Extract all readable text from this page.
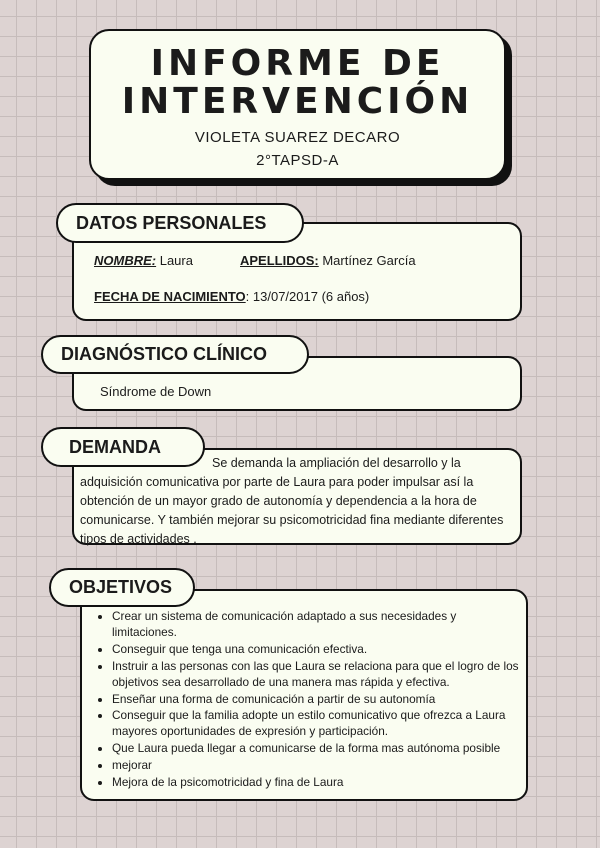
INFORME DE
INTERVENCIÓN
VIOLETA SUAREZ DECARO
2°TAPSD-A
DATOS PERSONALES
NOMBRE: Laura	APELLIDOS: Martínez García
FECHA DE NACIMIENTO: 13/07/2017 (6 años)
DIAGNÓSTICO CLÍNICO
Síndrome de Down
DEMANDA
Se demanda la ampliación del desarrollo y la adquisición comunicativa por parte de Laura para poder impulsar así la obtención de un mayor grado de autonomía y dependencia a la hora de comunicarse. Y también mejorar su psicomotricidad fina mediante diferentes tipos de actividades .
OBJETIVOS
• Crear un sistema de comunicación adaptado a sus necesidades y limitaciones.
• Conseguir que tenga una comunicación efectiva.
• Instruir a las personas con las que Laura se relaciona para que el logro de los objetivos sea desarrollado de una manera mas rápida y efectiva.
• Enseñar una forma de comunicación a partir de su autonomía
• Conseguir que la familia adopte un estilo comunicativo que ofrezca a Laura mayores oportunidades de expresión y participación.
• Que Laura pueda llegar a comunicarse de la forma mas autónoma posible
• mejorar
• Mejora de la psicomotricidad y fina de Laura
